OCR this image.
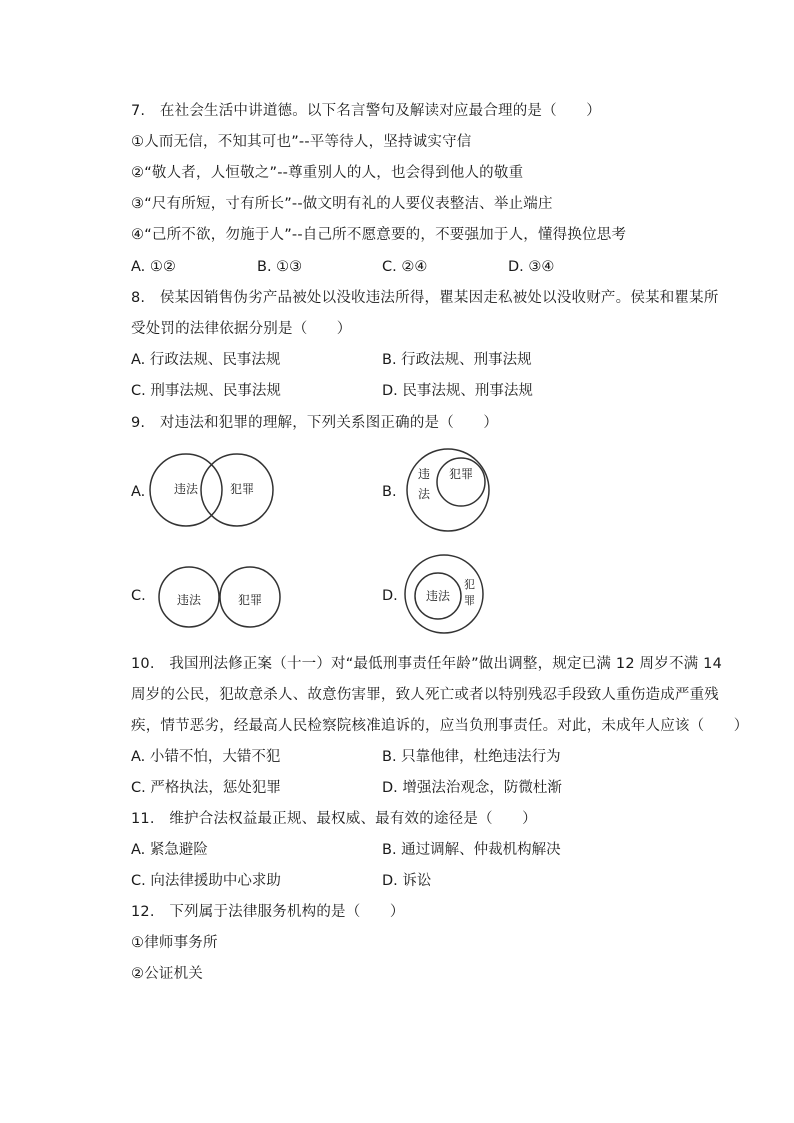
7.　在社会生活中讲道德。以下名言警句及解读对应最合理的是（　　）
①人而无信，不知其可也”--平等待人，坚持诚实守信
②“敬人者，人恒敬之”--尊重别人的人，也会得到他人的敬重
③“尺有所短，寸有所长”--做文明有礼的人要仪表整洁、举止端庄
④“己所不欲，勿施于人”--自己所不愿意要的，不要强加于人，懂得换位思考
A. ①②	B. ①③	C. ②④	D. ③④
8.　侯某因销售伪劣产品被处以没收违法所得，瞿某因走私被处以没收财产。侯某和瞿某所
受处罚的法律依据分别是（　　）
A. 行政法规、民事法规	B. 行政法规、刑事法规
C. 刑事法规、民事法规	D. 民事法规、刑事法规
9.　对违法和犯罪的理解，下列关系图正确的是（　　）
A. 违法	犯罪	B.
违
法
犯罪
C.	违法	犯罪	D. 违法
犯
罪
10.　我国刑法修正案（十一）对“最低刑事责任年龄”做出调整，规定已满 12 周岁不满 14
周岁的公民，犯故意杀人、故意伤害罪，致人死亡或者以特别残忍手段致人重伤造成严重残
疾，情节恶劣，经最高人民检察院核准追诉的，应当负刑事责任。对此，未成年人应该（　　）
A. 小错不怕，大错不犯	B. 只靠他律，杜绝违法行为
C. 严格执法，惩处犯罪	D. 增强法治观念，防微杜渐
11.　维护合法权益最正规、最权威、最有效的途径是（　　）
A. 紧急避险	B. 通过调解、仲裁机构解决
C. 向法律援助中心求助	D. 诉讼
12.　下列属于法律服务机构的是（　　）
①律师事务所
②公证机关
